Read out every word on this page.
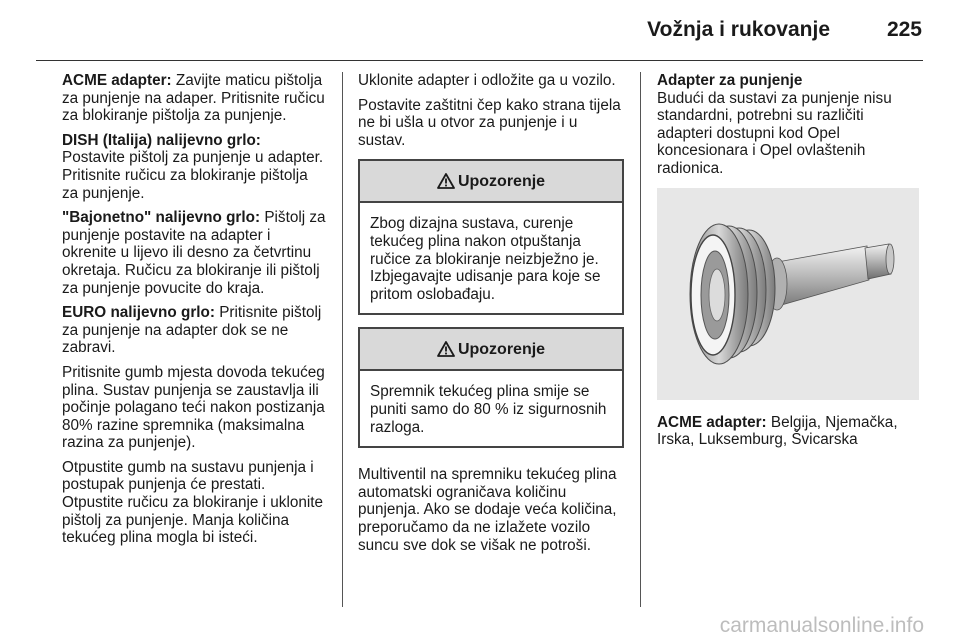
Vožnja i rukovanje	225

ACME adapter: Zavijte maticu pištolja za punjenje na adaper. Pritisnite ručicu za blokiranje pištolja za punjenje.

DISH (Italija) nalijevno grlo: Postavite pištolj za punjenje u adapter. Pritisnite ručicu za blokiranje pištolja za punjenje.

"Bajonetno" nalijevno grlo: Pištolj za punjenje postavite na adapter i okrenite u lijevo ili desno za četvrtinu okretaja. Ručicu za blokiranje ili pištolj za punjenje povucite do kraja.

EURO nalijevno grlo: Pritisnite pištolj za punjenje na adapter dok se ne zabravi.

Pritisnite gumb mjesta dovoda tekućeg plina. Sustav punjenja se zaustavlja ili počinje polagano teći nakon postizanja 80% razine spremnika (maksimalna razina za punjenje).

Otpustite gumb na sustavu punjenja i postupak punjenja će prestati. Otpustite ručicu za blokiranje i uklonite pištolj za punjenje. Manja količina tekućeg plina mogla bi isteći.

Uklonite adapter i odložite ga u vozilo.

Postavite zaštitni čep kako strana tijela ne bi ušla u otvor za punjenje i u sustav.

Upozorenje
Zbog dizajna sustava, curenje tekućeg plina nakon otpuštanja ručice za blokiranje neizbježno je. Izbjegavajte udisanje para koje se pritom oslobađaju.
Upozorenje
Spremnik tekućeg plina smije se puniti samo do 80 % iz sigurnosnih razloga.

Multiventil na spremniku tekućeg plina automatski ograničava količinu punjenja. Ako se dodaje veća količina, preporučamo da ne izlažete vozilo suncu sve dok se višak ne potroši.

Adapter za punjenje

Budući da sustavi za punjenje nisu standardni, potrebni su različiti adapteri dostupni kod Opel koncesionara i Opel ovlaštenih radionica.

ACME adapter: Belgija, Njemačka, Irska, Luksemburg, Švicarska

carmanualsonline.info
